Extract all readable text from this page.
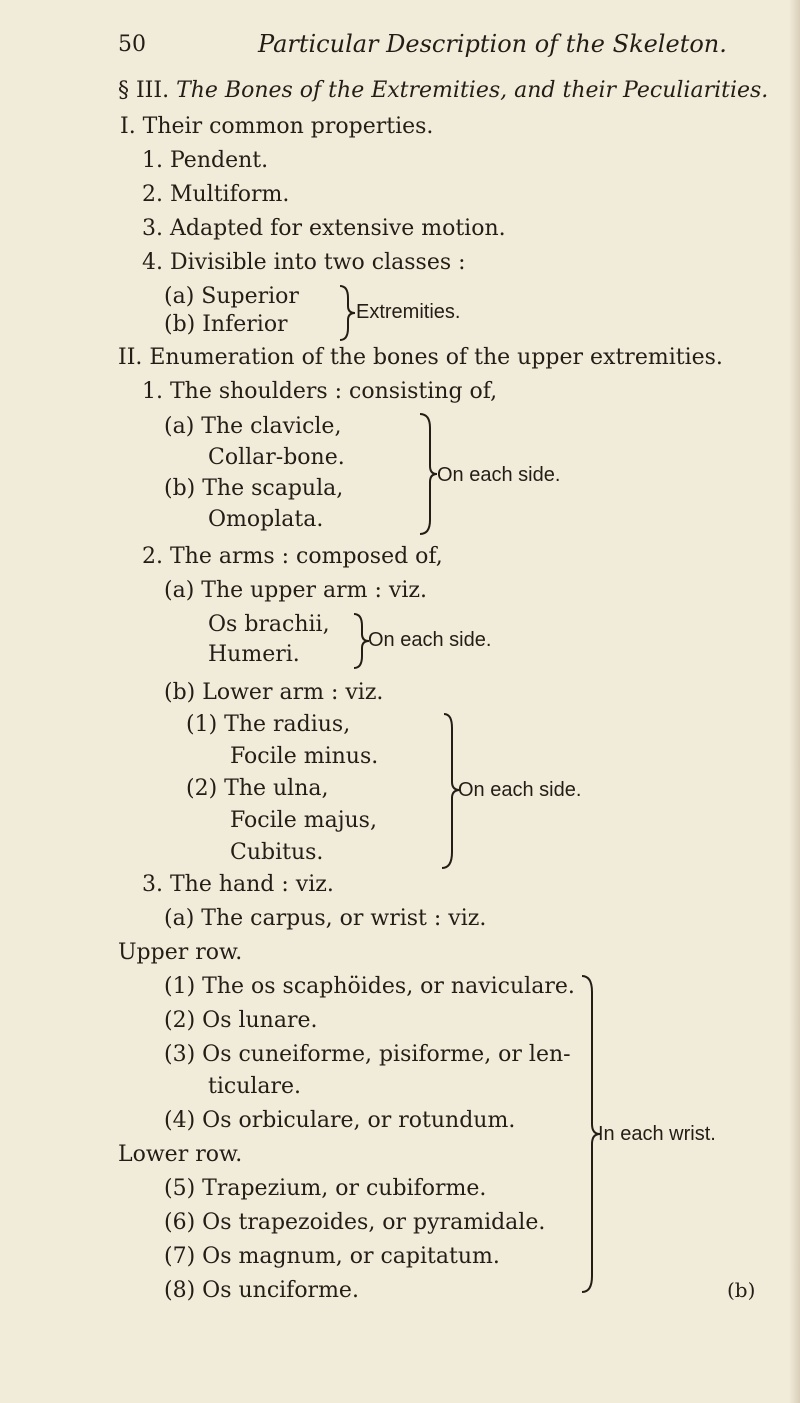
50	Particular Description of the Skeleton.
§ III. The Bones of the Extremities, and their Peculiarities.
I. Their common properties.
1. Pendent.
2. Multiform.
3. Adapted for extensive motion.
4. Divisible into two classes :
(a) Superior
(b) Inferior	Extremities.
II. Enumeration of the bones of the upper extremities.
1. The shoulders : consisting of,
(a) The clavicle,
Collar-bone.
(b) The scapula,
Omoplata.
On each side.
2. The arms : composed of,
(a) The upper arm : viz.
Os brachii,
Humeri.
On each side.
(b) Lower arm : viz.
(1) The radius,
Focile minus.
(2) The ulna,
Focile majus,
Cubitus.
On each side.
3. The hand : viz.
(a) The carpus, or wrist : viz.
Upper row.
(1) The os scaphöides, or naviculare.
(2) Os lunare.
(3) Os cuneiforme, pisiforme, or len-
ticulare.
(4) Os orbiculare, or rotundum.
Lower row.
(5) Trapezium, or cubiforme.
(6) Os trapezoides, or pyramidale.
(7) Os magnum, or capitatum.
(8) Os unciforme.
In each wrist.
(b)
